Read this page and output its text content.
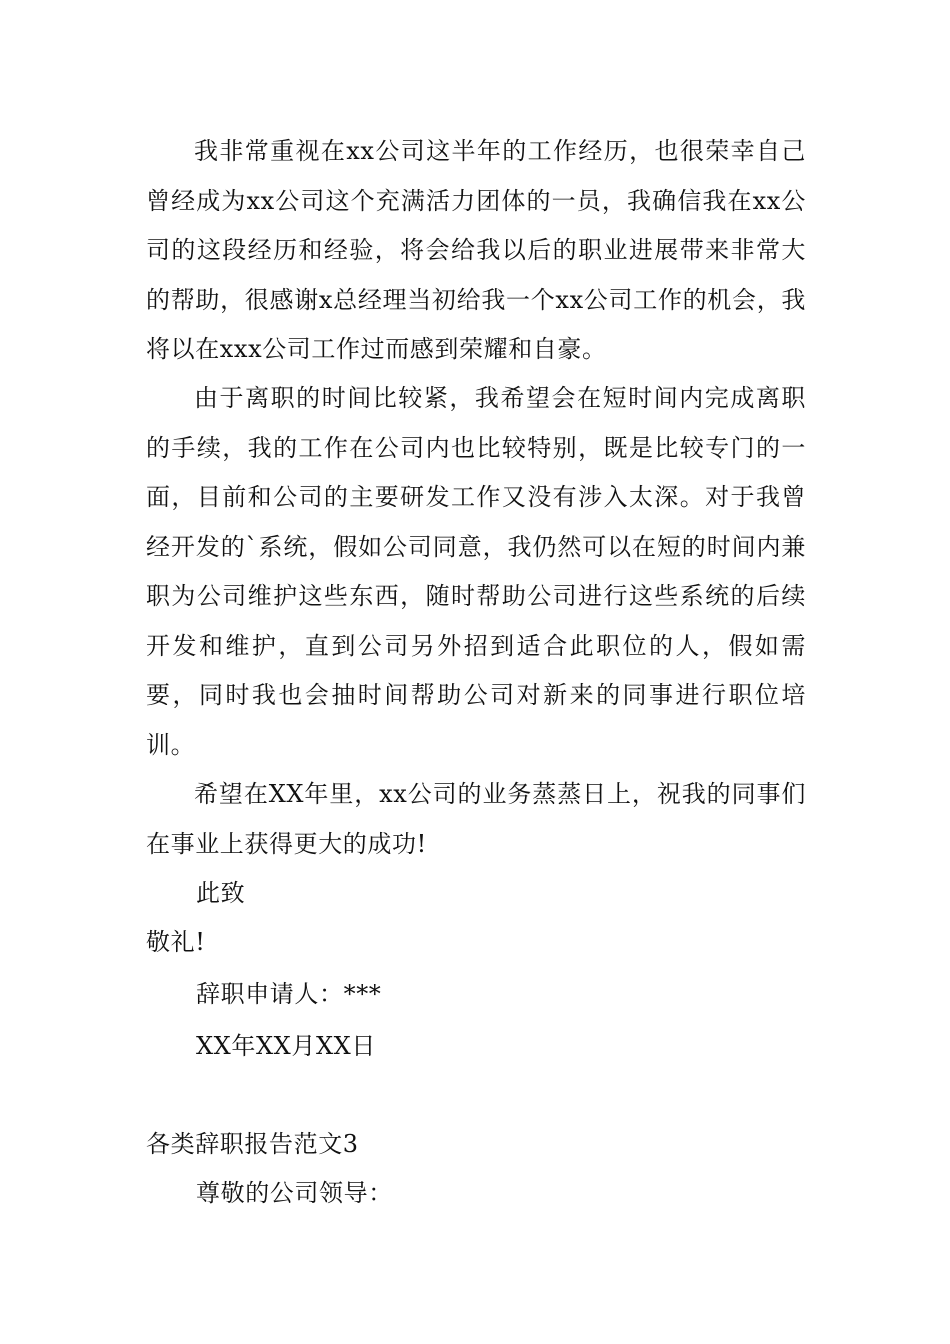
我非常重视在xx公司这半年的工作经历，也很荣幸自己曾经成为xx公司这个充满活力团体的一员，我确信我在xx公司的这段经历和经验，将会给我以后的职业进展带来非常大的帮助，很感谢x总经理当初给我一个xx公司工作的机会，我将以在xxx公司工作过而感到荣耀和自豪。
由于离职的时间比较紧，我希望会在短时间内完成离职的手续，我的工作在公司内也比较特别，既是比较专门的一面，目前和公司的主要研发工作又没有涉入太深。对于我曾经开发的`系统，假如公司同意，我仍然可以在短的时间内兼职为公司维护这些东西，随时帮助公司进行这些系统的后续开发和维护，直到公司另外招到适合此职位的人，假如需要，同时我也会抽时间帮助公司对新来的同事进行职位培训。
希望在XX年里，xx公司的业务蒸蒸日上，祝我的同事们在事业上获得更大的成功!
此致
敬礼!
辞职申请人：***
XX年XX月XX日
各类辞职报告范文3
尊敬的公司领导：
